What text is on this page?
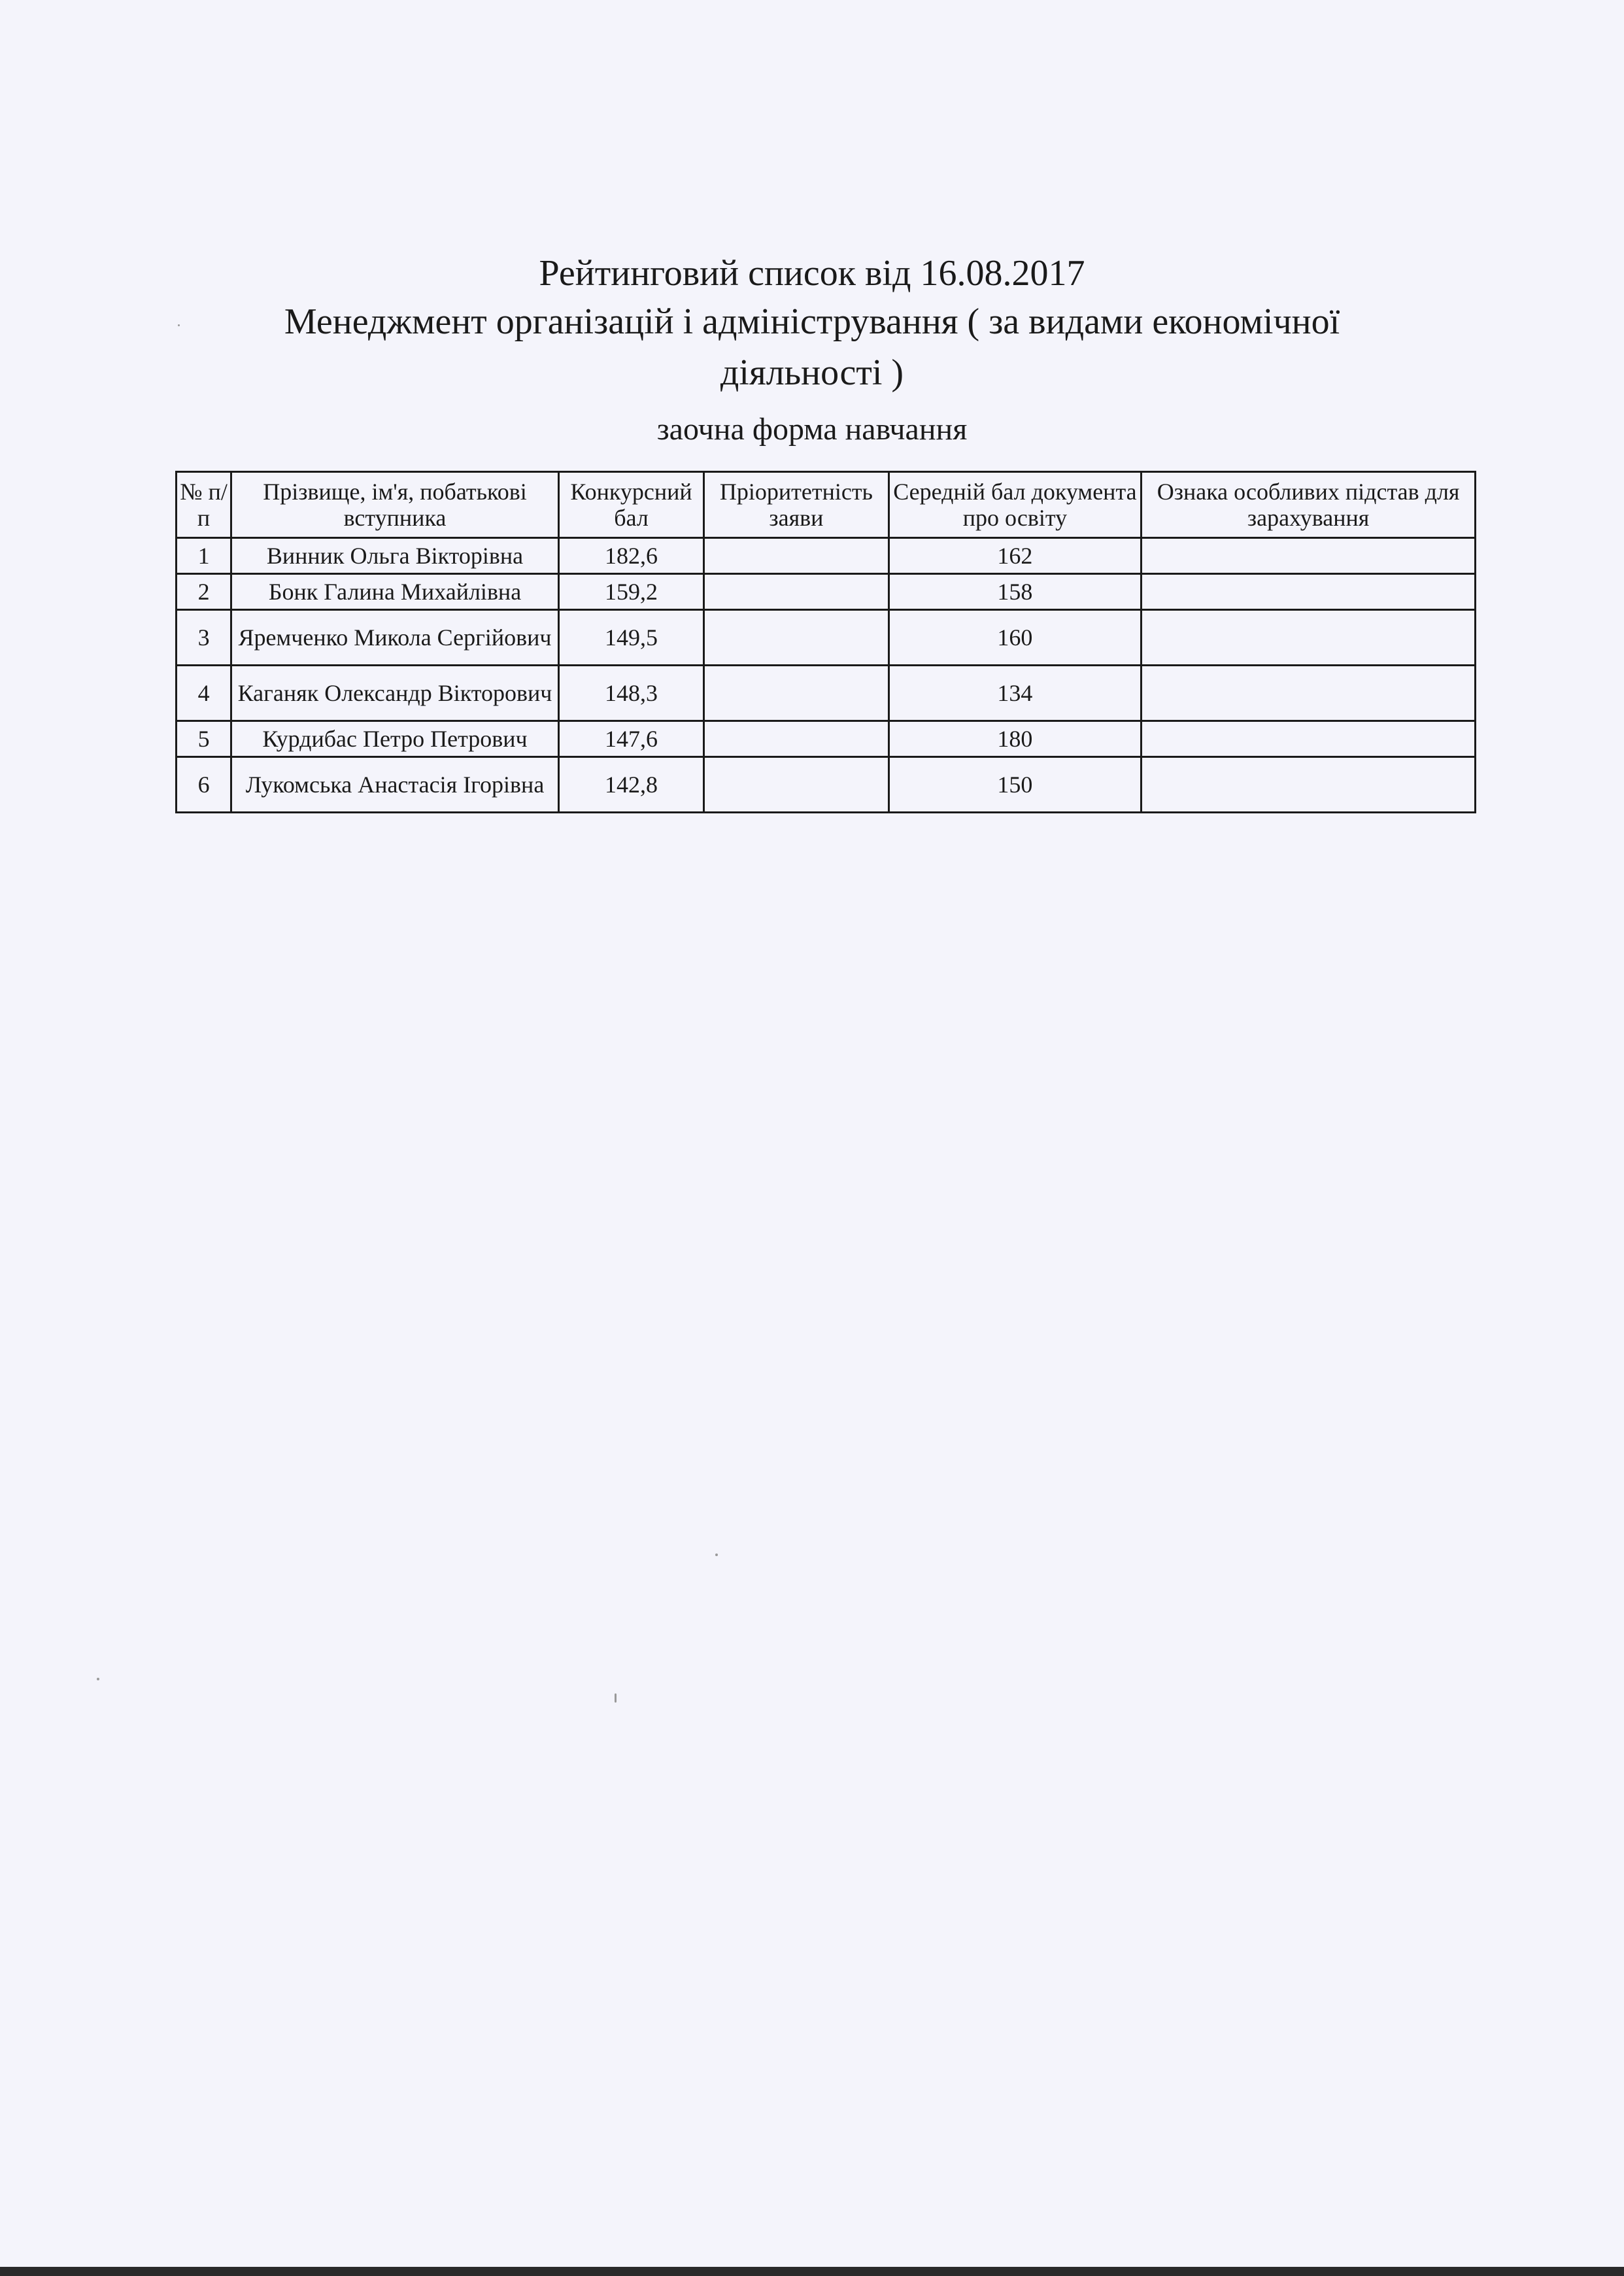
Рейтинговий список від 16.08.2017

Менеджмент організацій і адміністрування ( за видами економічної

діяльності )

заочна форма навчання
№ п/п	Прізвище, ім'я, побатькові вступника	Конкурсний бал	Пріоритетність заяви	Середній бал документа про освіту	Ознака особливих підстав для зарахування
1	Винник Ольга Вікторівна	182,6		162	
2	Бонк Галина Михайлівна	159,2		158	
3	Яремченко Микола Сергійович	149,5		160	
4	Каганяк Олександр Вікторович	148,3		134	
5	Курдибас Петро Петрович	147,6		180	
6	Лукомська Анастасія Ігорівна	142,8		150	
